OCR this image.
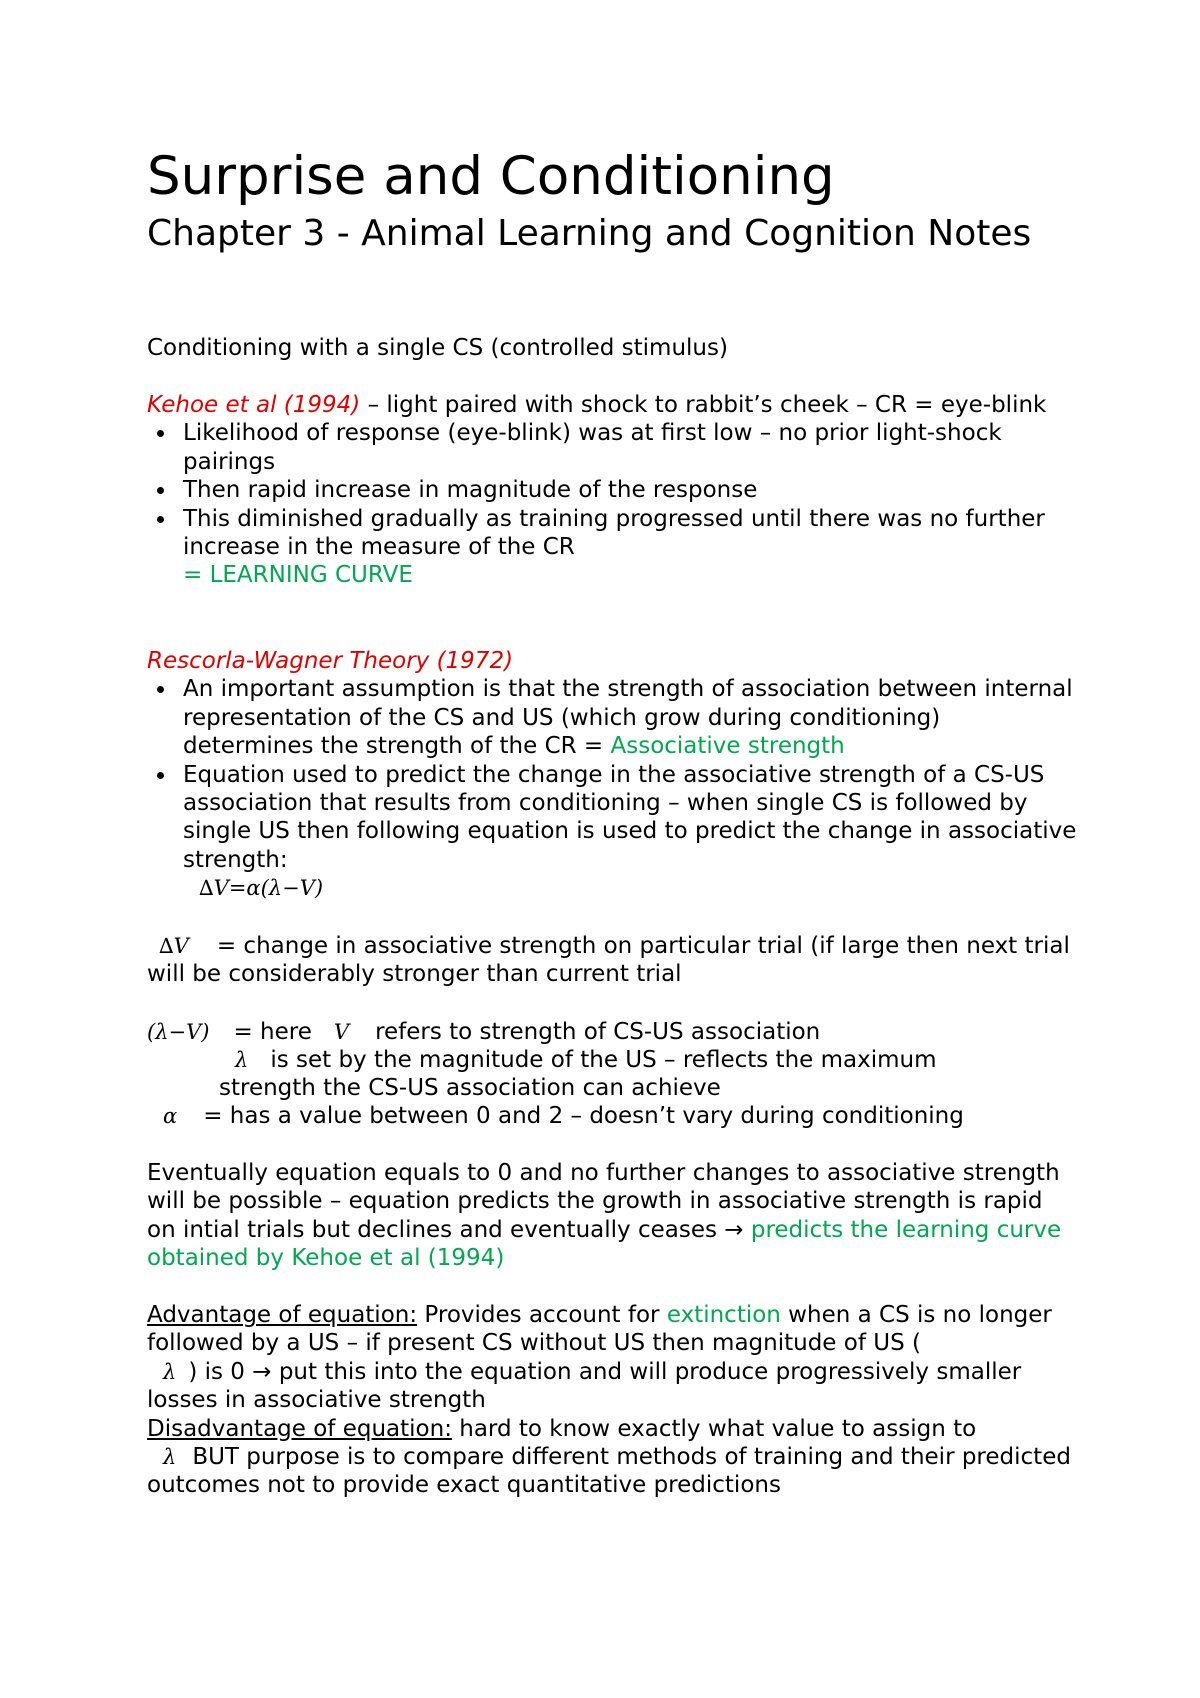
Surprise and Conditioning
Chapter 3 - Animal Learning and Cognition Notes

Conditioning with a single CS (controlled stimulus)

Kehoe et al (1994) – light paired with shock to rabbit’s cheek – CR = eye-blink
Likelihood of response (eye-blink) was at first low – no prior light-shock pairings
Then rapid increase in magnitude of the response
This diminished gradually as training progressed until there was no further increase in the measure of the CR
= LEARNING CURVE
Rescorla-Wagner Theory (1972)
An important assumption is that the strength of association between internal representation of the CS and US (which grow during conditioning) determines the strength of the CR = Associative strength
Equation used to predict the change in the associative strength of a CS-US association that results from conditioning – when single CS is followed by single US then following equation is used to predict the change in associative strength:
∆V=α(λ−V)
∆V = change in associative strength on particular trial (if large then next trial will be considerably stronger than current trial
(λ−V) = here V refers to strength of CS-US association
λ is set by the magnitude of the US – reflects the maximum
strength the CS-US association can achieve
α = has a value between 0 and 2 – doesn’t vary during conditioning

Eventually equation equals to 0 and no further changes to associative strength will be possible – equation predicts the growth in associative strength is rapid on intial trials but declines and eventually ceases → predicts the learning curve obtained by Kehoe et al (1994)

Advantage of equation: Provides account for extinction when a CS is no longer followed by a US – if present CS without US then magnitude of US (
λ ) is 0 → put this into the equation and will produce progressively smaller losses in associative strength
Disadvantage of equation: hard to know exactly what value to assign to
λ BUT purpose is to compare different methods of training and their predicted outcomes not to provide exact quantitative predictions
